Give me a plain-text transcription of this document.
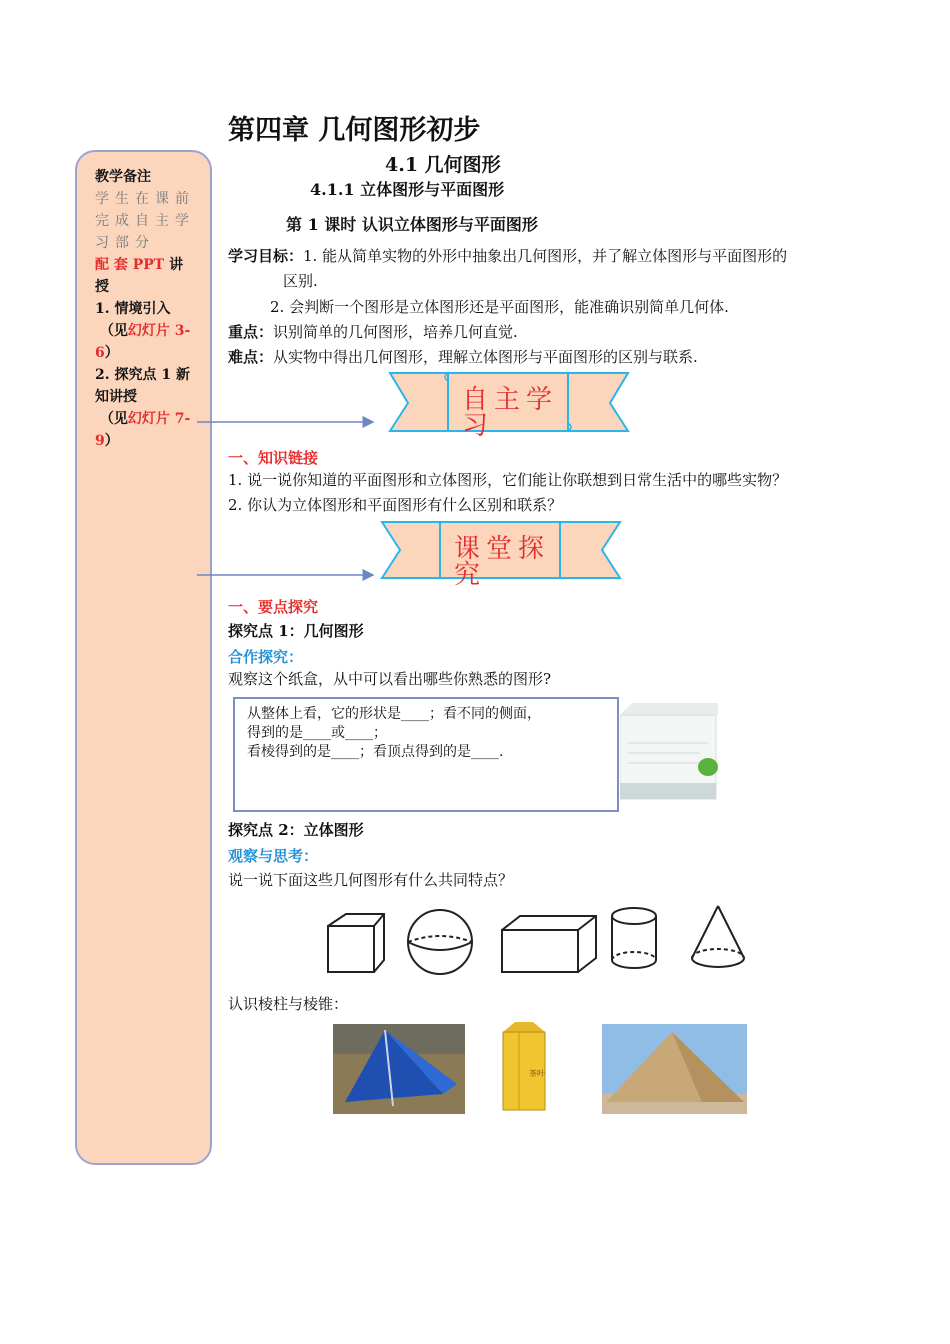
第四章 几何图形初步
4.1 几何图形
4.1.1 立体图形与平面图形
第 1 课时 认识立体图形与平面图形
教学备注
学生在课前完成自主学习部分
配 套 PPT 讲授
1. 情境引入
（见幻灯片 3-6）
2. 探究点 1 新知讲授
（见幻灯片 7-9）
学习目标：1. 能从简单实物的外形中抽象出几何图形，并了解立体图形与平面图形的
区别.
2. 会判断一个图形是立体图形还是平面图形，能准确识别简单几何体.
重点：识别简单的几何图形，培养几何直觉.
难点：从实物中得出几何图形，理解立体图形与平面图形的区别与联系.
自主学习
一、知识链接
1. 说一说你知道的平面图形和立体图形，它们能让你联想到日常生活中的哪些实物？
2. 你认为立体图形和平面图形有什么区别和联系？
课堂探究
一、要点探究
探究点 1：几何图形
合作探究：
观察这个纸盒，从中可以看出哪些你熟悉的图形?
从整体上看，它的形状是____；看不同的侧面，
得到的是____或____；
看棱得到的是____；看顶点得到的是____.
探究点 2：立体图形
观察与思考：
说一说下面这些几何图形有什么共同特点？
认识棱柱与棱锥：
茶叶
